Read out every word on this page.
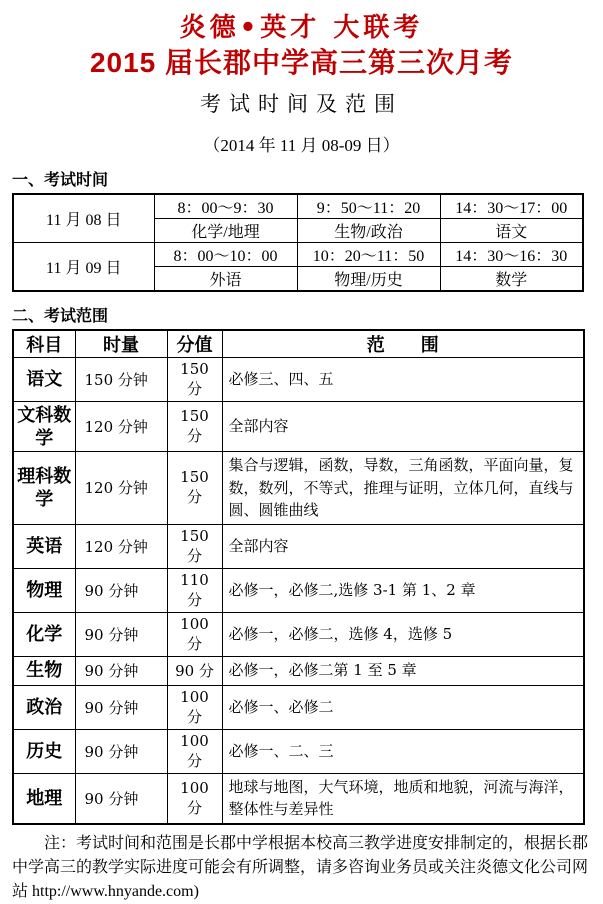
炎德•英才 大联考
2015 届长郡中学高三第三次月考
考试时间及范围
（2014 年 11 月 08-09 日）
一、考试时间
11 月 08 日	8：00～9：30	9：50～11：20	14：30～17：00
	化学/地理	生物/政治	语文
11 月 09 日	8：00～10：00	10：20～11：50	14：30～16：30
	外语	物理/历史	数学
二、考试范围
科目	时量	分值	范　　围
语文	150 分钟	150 分	必修三、四、五
文科数学	120 分钟	150 分	全部内容
理科数学	120 分钟	150 分	集合与逻辑，函数，导数，三角函数，平面向量，复数，数列，不等式，推理与证明，立体几何，直线与圆、圆锥曲线
英语	120 分钟	150 分	全部内容
物理	90 分钟	110 分	必修一，必修二,选修 3-1 第 1、2 章
化学	90 分钟	100 分	必修一，必修二，选修 4，选修 5
生物	90 分钟	90 分	必修一，必修二第 1 至 5 章
政治	90 分钟	100 分	必修一、必修二
历史	90 分钟	100 分	必修一、二、三
地理	90 分钟	100 分	地球与地图，大气环境，地质和地貌，河流与海洋，整体性与差异性

注：考试时间和范围是长郡中学根据本校高三教学进度安排制定的，根据长郡中学高三的教学实际进度可能会有所调整，请多咨询业务员或关注炎德文化公司网站 http://www.hnyande.com)
